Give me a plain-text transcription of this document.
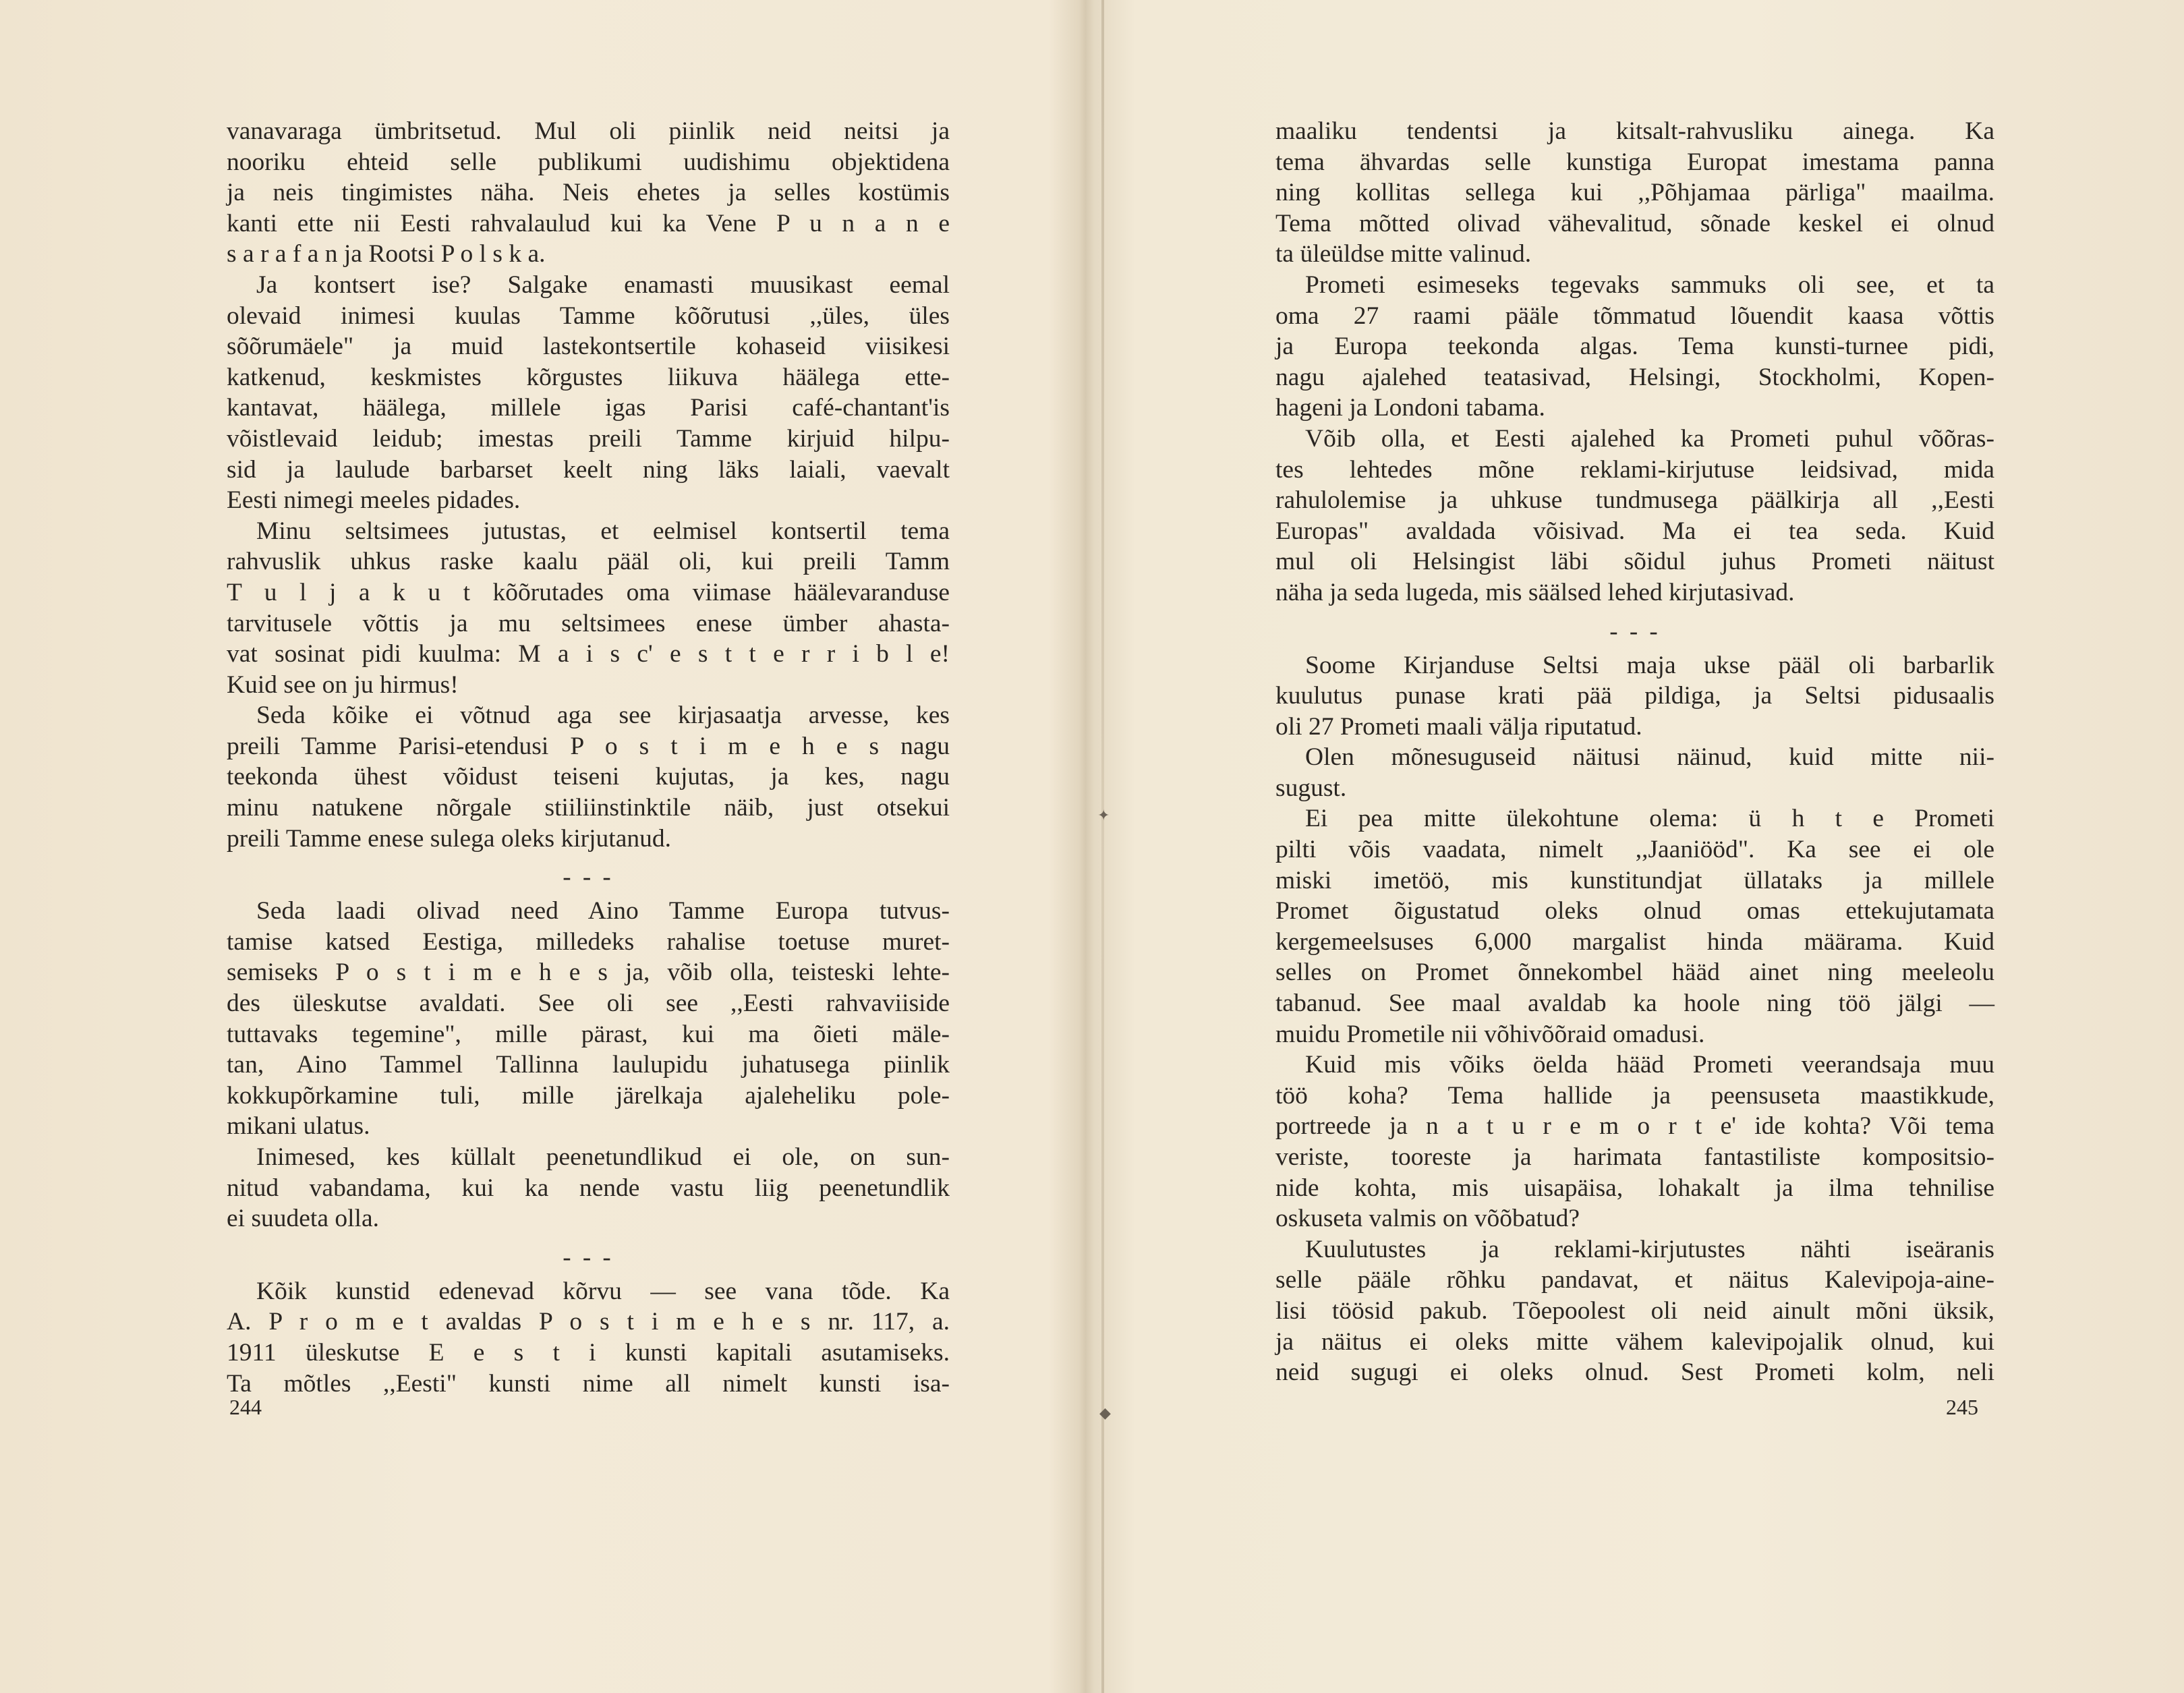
vanavaraga ümbritsetud. Mul oli piinlik neid neitsi ja
nooriku ehteid selle publikumi uudishimu objektidena
ja neis tingimistes näha. Neis ehetes ja selles kostümis
kanti ette nii Eesti rahvalaulud kui ka Vene P u n a n e
s a r a f a n ja Rootsi P o l s k a.
Ja kontsert ise? Salgake enamasti muusikast eemal
olevaid inimesi kuulas Tamme kõõrutusi ,,üles, üles
sõõrumäele" ja muid lastekontsertile kohaseid viisikesi
katkenud, keskmistes kõrgustes liikuva häälega ette-
kantavat, häälega, millele igas Parisi café-chantant'is
võistlevaid leidub; imestas preili Tamme kirjuid hilpu-
sid ja laulude barbarset keelt ning läks laiali, vaevalt
Eesti nimegi meeles pidades.
Minu seltsimees jutustas, et eelmisel kontsertil tema
rahvuslik uhkus raske kaalu pääl oli, kui preili Tamm
T u l j a k u t kõõrutades oma viimase häälevaranduse
tarvitusele võttis ja mu seltsimees enese ümber ahasta-
vat sosinat pidi kuulma: M a i s c' e s t t e r r i b l e!
Kuid see on ju hirmus!
Seda kõike ei võtnud aga see kirjasaatja arvesse, kes
preili Tamme Parisi-etendusi P o s t i m e h e s nagu
teekonda ühest võidust teiseni kujutas, ja kes, nagu
minu natukene nõrgale stiiliinstinktile näib, just otsekui
preili Tamme enese sulega oleks kirjutanud.
- - -
Seda laadi olivad need Aino Tamme Europa tutvus-
tamise katsed Eestiga, milledeks rahalise toetuse muret-
semiseks P o s t i m e h e s ja, võib olla, teisteski lehte-
des üleskutse avaldati. See oli see ,,Eesti rahvaviiside
tuttavaks tegemine", mille pärast, kui ma õieti mäle-
tan, Aino Tammel Tallinna laulupidu juhatusega piinlik
kokkupõrkamine tuli, mille järelkaja ajaleheliku pole-
mikani ulatus.
Inimesed, kes küllalt peenetundlikud ei ole, on sun-
nitud vabandama, kui ka nende vastu liig peenetundlik
ei suudeta olla.
- - -
Kõik kunstid edenevad kõrvu — see vana tõde. Ka
A. P r o m e t avaldas P o s t i m e h e s nr. 117, a.
1911 üleskutse E e s t i kunsti kapitali asutamiseks.
Ta mõtles ,,Eesti" kunsti nime all nimelt kunsti isa-
maaliku tendentsi ja kitsalt-rahvusliku ainega. Ka
tema ähvardas selle kunstiga Europat imestama panna
ning kollitas sellega kui ,,Põhjamaa pärliga" maailma.
Tema mõtted olivad vähevalitud, sõnade keskel ei olnud
ta üleüldse mitte valinud.
Prometi esimeseks tegevaks sammuks oli see, et ta
oma 27 raami pääle tõmmatud lõuendit kaasa võttis
ja Europa teekonda algas. Tema kunsti-turnee pidi,
nagu ajalehed teatasivad, Helsingi, Stockholmi, Kopen-
hageni ja Londoni tabama.
Võib olla, et Eesti ajalehed ka Prometi puhul võõras-
tes lehtedes mõne reklami-kirjutuse leidsivad, mida
rahulolemise ja uhkuse tundmusega päälkirja all ,,Eesti
Europas" avaldada võisivad. Ma ei tea seda. Kuid
mul oli Helsingist läbi sõidul juhus Prometi näitust
näha ja seda lugeda, mis säälsed lehed kirjutasivad.
- - -
Soome Kirjanduse Seltsi maja ukse pääl oli barbarlik
kuulutus punase krati pää pildiga, ja Seltsi pidusaalis
oli 27 Prometi maali välja riputatud.
Olen mõnesuguseid näitusi näinud, kuid mitte nii-
sugust.
Ei pea mitte ülekohtune olema: ü h t e Prometi
pilti võis vaadata, nimelt ,,Jaaniööd". Ka see ei ole
miski imetöö, mis kunstitundjat üllataks ja millele
Promet õigustatud oleks olnud omas ettekujutamata
kergemeelsuses 6,000 margalist hinda määrama. Kuid
selles on Promet õnnekombel hääd ainet ning meeleolu
tabanud. See maal avaldab ka hoole ning töö jälgi —
muidu Prometile nii võhivõõraid omadusi.
Kuid mis võiks öelda hääd Prometi veerandsaja muu
töö koha? Tema hallide ja peensuseta maastikkude,
portreede ja n a t u r e m o r t e' ide kohta? Või tema
veriste, tooreste ja harimata fantastiliste kompositsio-
nide kohta, mis uisapäisa, lohakalt ja ilma tehnilise
oskuseta valmis on võõbatud?
Kuulutustes ja reklami-kirjutustes nähti iseäranis
selle pääle rõhku pandavat, et näitus Kalevipoja-aine-
lisi töösid pakub. Tõepoolest oli neid ainult mõni üksik,
ja näitus ei oleks mitte vähem kalevipojalik olnud, kui
neid sugugi ei oleks olnud. Sest Prometi kolm, neli
244	245
✦
◆
